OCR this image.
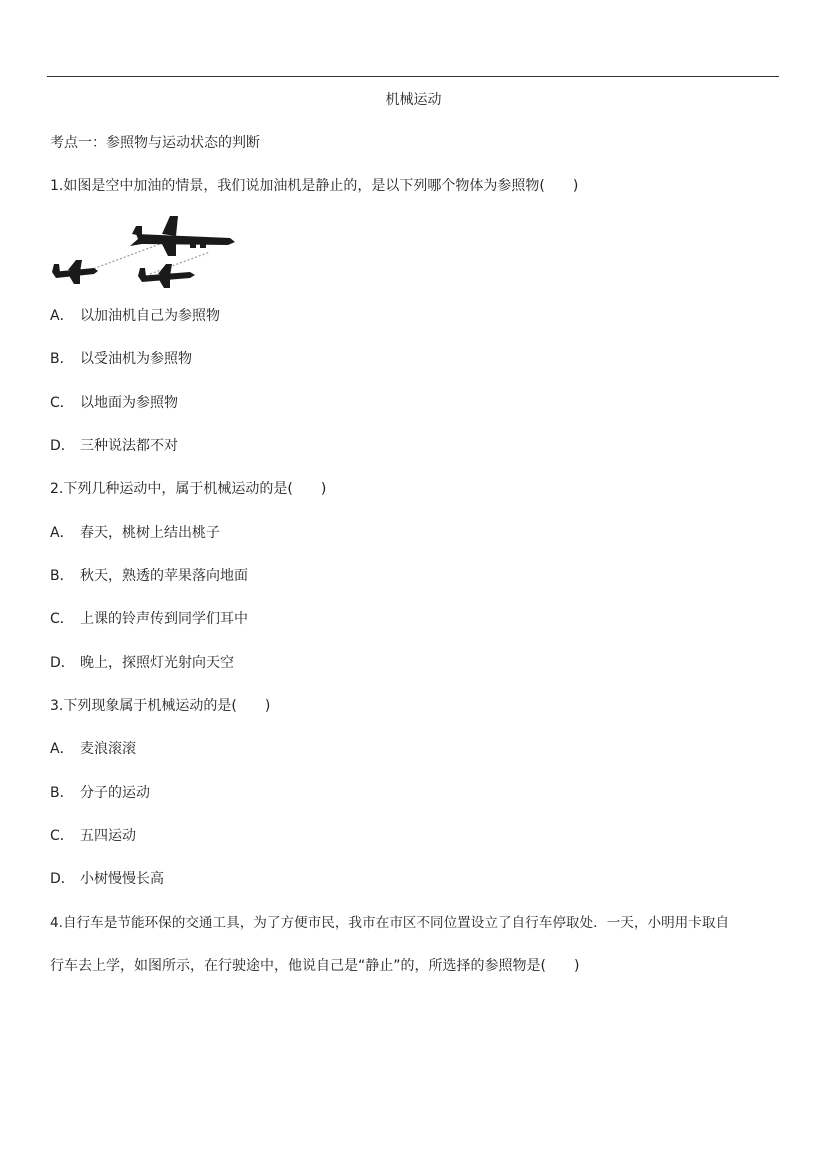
机械运动
考点一：参照物与运动状态的判断
1.如图是空中加油的情景，我们说加油机是静止的，是以下列哪个物体为参照物(　　)
A． 以加油机自己为参照物
B． 以受油机为参照物
C． 以地面为参照物
D． 三种说法都不对
2.下列几种运动中，属于机械运动的是(　　)
A． 春天，桃树上结出桃子
B． 秋天，熟透的苹果落向地面
C． 上课的铃声传到同学们耳中
D． 晚上，探照灯光射向天空
3.下列现象属于机械运动的是(　　)
A． 麦浪滚滚
B． 分子的运动
C． 五四运动
D． 小树慢慢长高
4.自行车是节能环保的交通工具，为了方便市民，我市在市区不同位置设立了自行车停取处．一天，小明用卡取自
行车去上学，如图所示，在行驶途中，他说自己是“静止”的，所选择的参照物是(　　)
